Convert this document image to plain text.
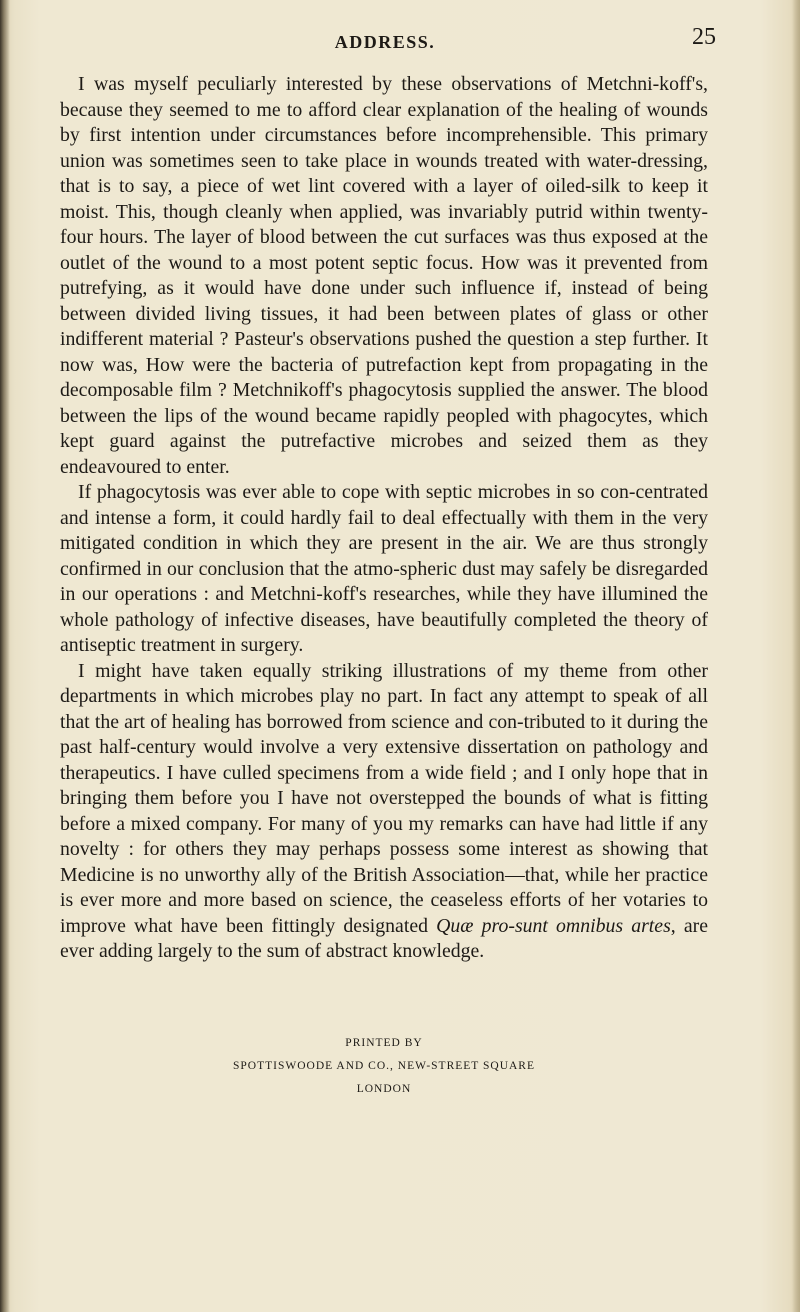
ADDRESS.	25

I was myself peculiarly interested by these observations of Metchni-koff's, because they seemed to me to afford clear explanation of the healing of wounds by first intention under circumstances before incomprehensible. This primary union was sometimes seen to take place in wounds treated with water-dressing, that is to say, a piece of wet lint covered with a layer of oiled-silk to keep it moist. This, though cleanly when applied, was invariably putrid within twenty-four hours. The layer of blood between the cut surfaces was thus exposed at the outlet of the wound to a most potent septic focus. How was it prevented from putrefying, as it would have done under such influence if, instead of being between divided living tissues, it had been between plates of glass or other indifferent material ? Pasteur's observations pushed the question a step further. It now was, How were the bacteria of putrefaction kept from propagating in the decomposable film ? Metchnikoff's phagocytosis supplied the answer. The blood between the lips of the wound became rapidly peopled with phagocytes, which kept guard against the putrefactive microbes and seized them as they endeavoured to enter.

If phagocytosis was ever able to cope with septic microbes in so con-centrated and intense a form, it could hardly fail to deal effectually with them in the very mitigated condition in which they are present in the air. We are thus strongly confirmed in our conclusion that the atmo-spheric dust may safely be disregarded in our operations : and Metchni-koff's researches, while they have illumined the whole pathology of infective diseases, have beautifully completed the theory of antiseptic treatment in surgery.

I might have taken equally striking illustrations of my theme from other departments in which microbes play no part. In fact any attempt to speak of all that the art of healing has borrowed from science and con-tributed to it during the past half-century would involve a very extensive dissertation on pathology and therapeutics. I have culled specimens from a wide field ; and I only hope that in bringing them before you I have not overstepped the bounds of what is fitting before a mixed company. For many of you my remarks can have had little if any novelty : for others they may perhaps possess some interest as showing that Medicine is no unworthy ally of the British Association—that, while her practice is ever more and more based on science, the ceaseless efforts of her votaries to improve what have been fittingly designated Quæ pro-sunt omnibus artes, are ever adding largely to the sum of abstract knowledge.

PRINTED BY
SPOTTISWOODE AND CO., NEW-STREET SQUARE
LONDON
